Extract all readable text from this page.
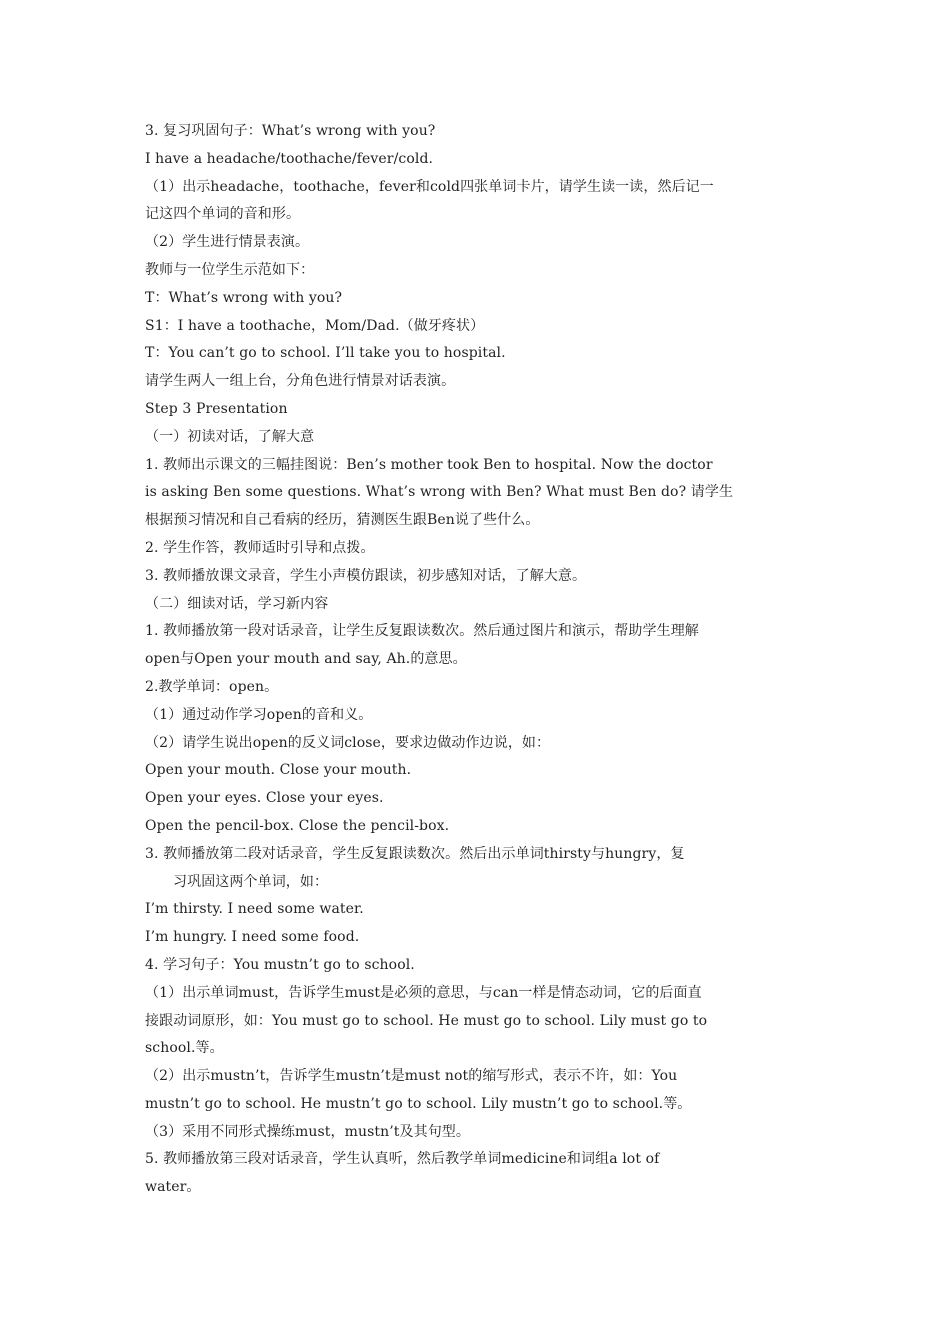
3. 复习巩固句子：What’s wrong with you?
I have a headache/toothache/fever/cold.
（1）出示headache，toothache，fever和cold四张单词卡片，请学生读一读，然后记一
记这四个单词的音和形。
（2）学生进行情景表演。
教师与一位学生示范如下：
T：What’s wrong with you?
S1：I have a toothache，Mom/Dad.（做牙疼状）
T：You can’t go to school. I’ll take you to hospital.
请学生两人一组上台，分角色进行情景对话表演。
Step 3 Presentation
（一）初读对话，了解大意
1. 教师出示课文的三幅挂图说：Ben’s mother took Ben to hospital. Now the doctor
is asking Ben some questions. What’s wrong with Ben? What must Ben do? 请学生
根据预习情况和自己看病的经历，猜测医生跟Ben说了些什么。
2. 学生作答，教师适时引导和点拨。
3. 教师播放课文录音，学生小声模仿跟读，初步感知对话，了解大意。
（二）细读对话，学习新内容
1. 教师播放第一段对话录音，让学生反复跟读数次。然后通过图片和演示，帮助学生理解
open与Open your mouth and say, Ah.的意思。
2.教学单词：open。
（1）通过动作学习open的音和义。
（2）请学生说出open的反义词close，要求边做动作边说，如：
Open your mouth. Close your mouth.
Open your eyes. Close your eyes.
Open the pencil-box. Close the pencil-box.
3. 教师播放第二段对话录音，学生反复跟读数次。然后出示单词thirsty与hungry，复
习巩固这两个单词，如：
I’m thirsty. I need some water.
I’m hungry. I need some food.
4. 学习句子：You mustn’t go to school.
（1）出示单词must，告诉学生must是必须的意思，与can一样是情态动词，它的后面直
接跟动词原形，如：You must go to school. He must go to school. Lily must go to
school.等。
（2）出示mustn’t，告诉学生mustn’t是must not的缩写形式，表示不许，如：You
mustn’t go to school. He mustn’t go to school. Lily mustn’t go to school.等。
（3）采用不同形式操练must，mustn’t及其句型。
5. 教师播放第三段对话录音，学生认真听，然后教学单词medicine和词组a lot of
water。
